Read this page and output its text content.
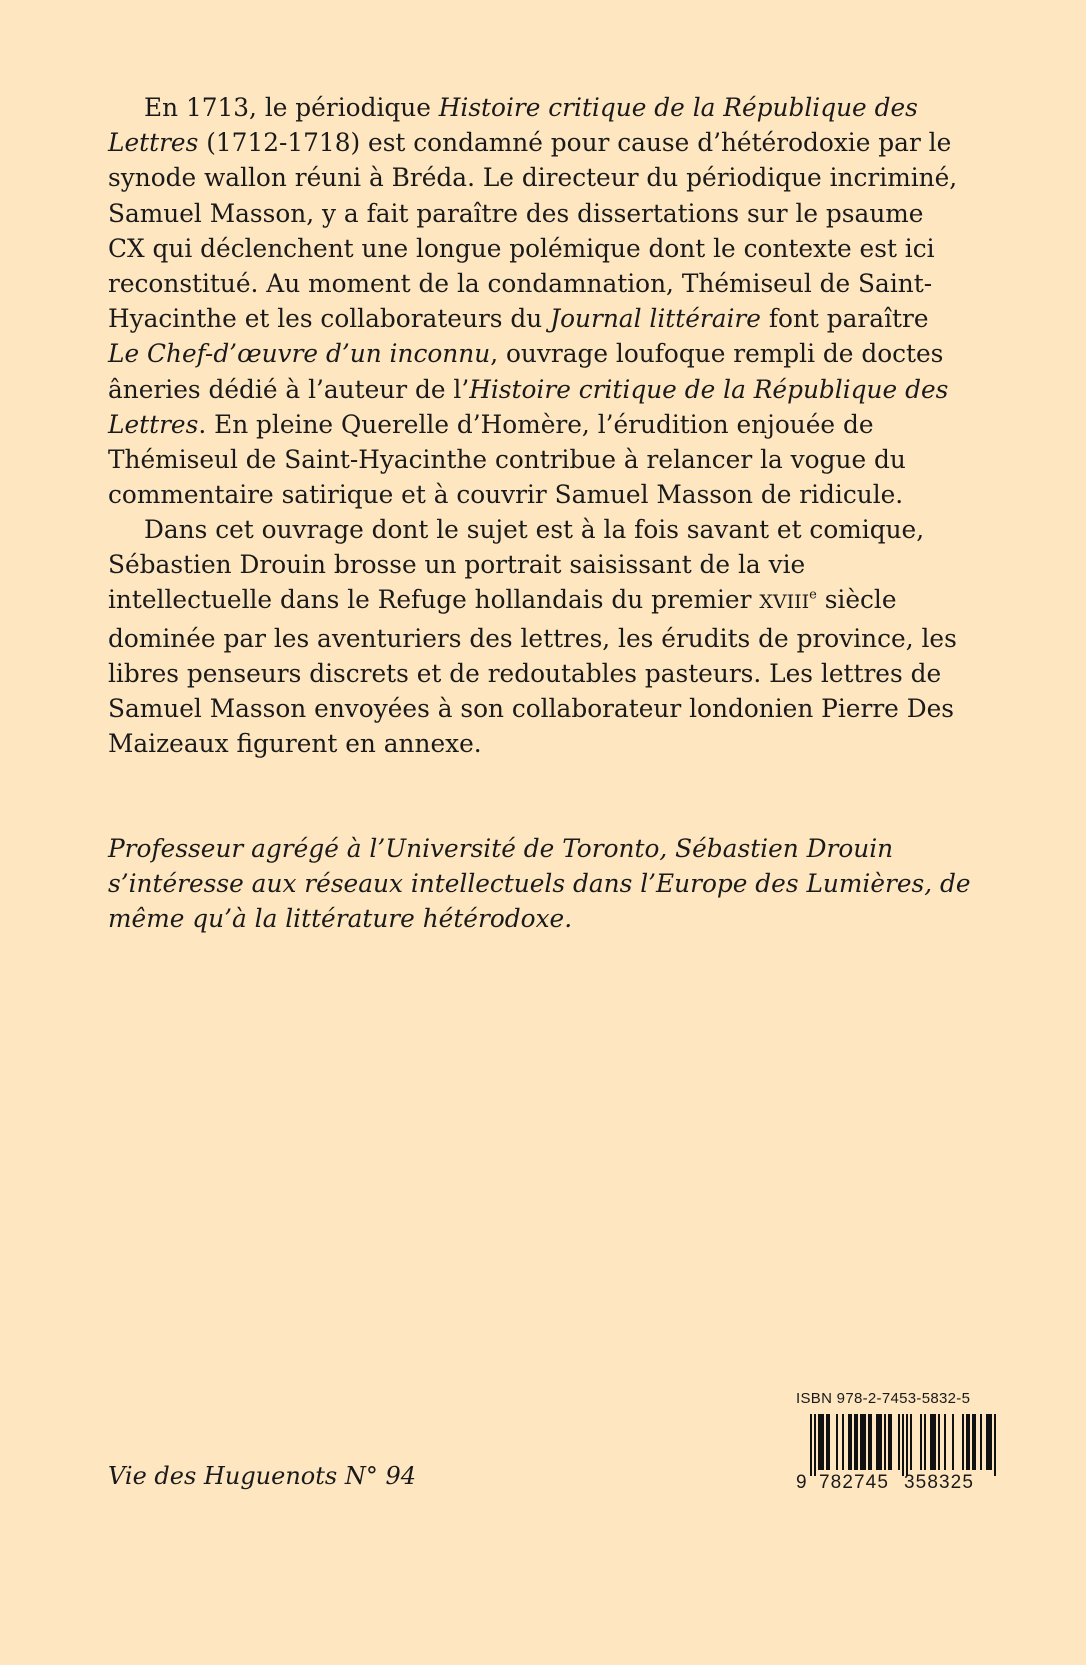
En 1713, le périodique Histoire critique de la République des
Lettres (1712-1718) est condamné pour cause d’hétérodoxie par le
synode wallon réuni à Bréda. Le directeur du périodique incriminé,
Samuel Masson, y a fait paraître des dissertations sur le psaume
CX qui déclenchent une longue polémique dont le contexte est ici
reconstitué. Au moment de la condamnation, Thémiseul de Saint-
Hyacinthe et les collaborateurs du Journal littéraire font paraître
Le Chef-d’œuvre d’un inconnu, ouvrage loufoque rempli de doctes
âneries dédié à l’auteur de l’Histoire critique de la République des
Lettres. En pleine Querelle d’Homère, l’érudition enjouée de
Thémiseul de Saint-Hyacinthe contribue à relancer la vogue du
commentaire satirique et à couvrir Samuel Masson de ridicule.
Dans cet ouvrage dont le sujet est à la fois savant et comique,
Sébastien Drouin brosse un portrait saisissant de la vie
intellectuelle dans le Refuge hollandais du premier XVIIIe siècle
dominée par les aventuriers des lettres, les érudits de province, les
libres penseurs discrets et de redoutables pasteurs. Les lettres de
Samuel Masson envoyées à son collaborateur londonien Pierre Des
Maizeaux figurent en annexe.
Professeur agrégé à l’Université de Toronto, Sébastien Drouin
s’intéresse aux réseaux intellectuels dans l’Europe des Lumières, de
même qu’à la littérature hétérodoxe.
Vie des Huguenots N° 94
ISBN 978-2-7453-5832-5
9 782745 358325
